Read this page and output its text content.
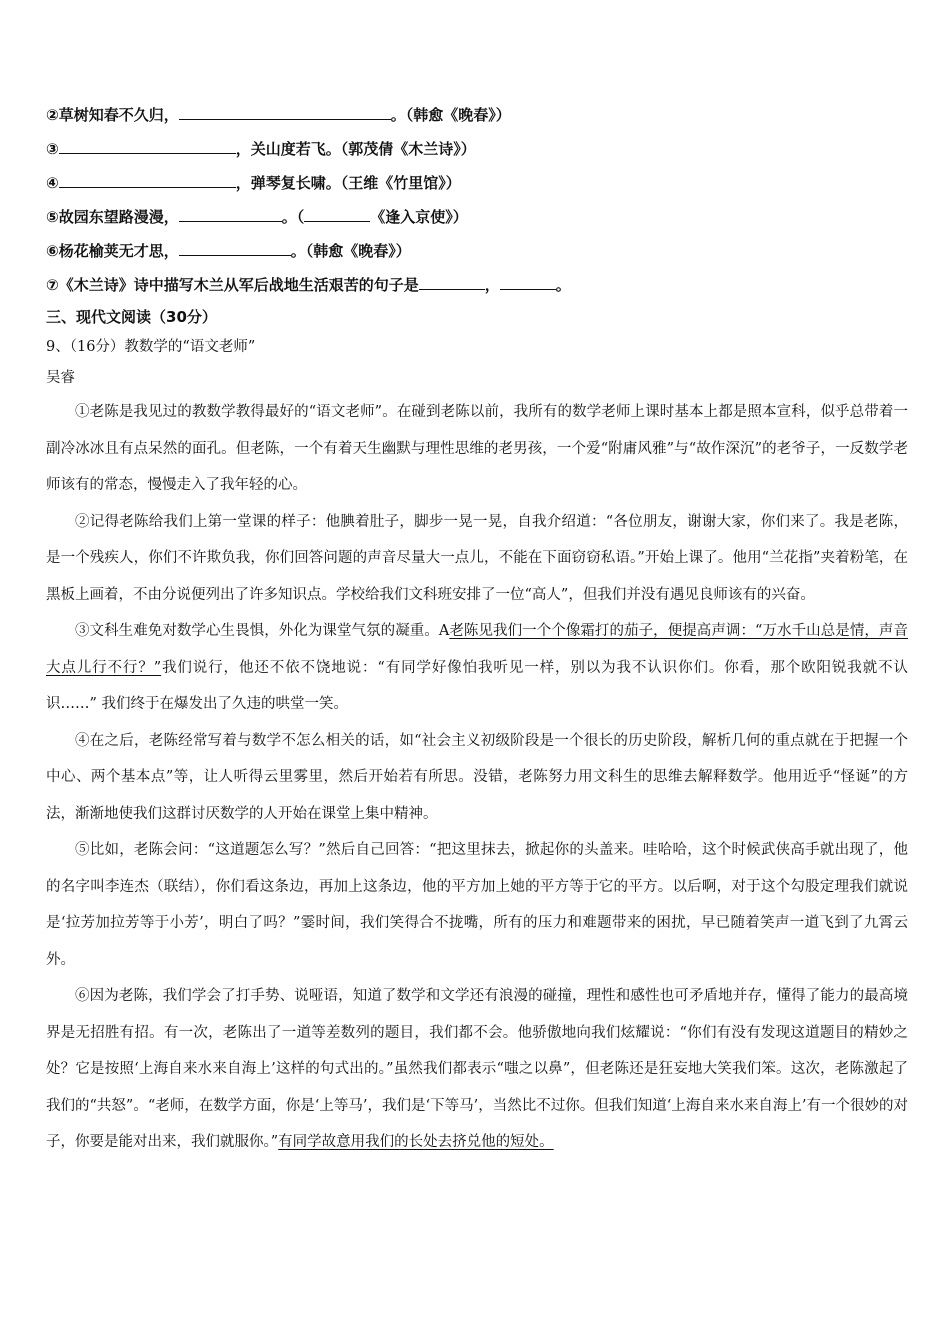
②草树知春不久归，	。（韩愈《晚春》）
③	，关山度若飞。（郭茂倩《木兰诗》）
④	，弹琴复长啸。（王维《竹里馆》）
⑤故园东望路漫漫，	。（	《逢入京使》）
⑥杨花榆荚无才思，	。（韩愈《晚春》）
⑦《木兰诗》诗中描写木兰从军后战地生活艰苦的句子是	，	。
三、现代文阅读（30分）
9、（16分）教数学的“语文老师”
吴睿

①老陈是我见过的教数学教得最好的“语文老师”。在碰到老陈以前，我所有的数学老师上课时基本上都是照本宣科，似乎总带着一副冷冰冰且有点呆然的面孔。但老陈，一个有着天生幽默与理性思维的老男孩，一个爱“附庸风雅”与“故作深沉”的老爷子，一反数学老师该有的常态，慢慢走入了我年轻的心。

②记得老陈给我们上第一堂课的样子：他腆着肚子，脚步一晃一晃，自我介绍道：“各位朋友，谢谢大家，你们来了。我是老陈，是一个残疾人，你们不许欺负我，你们回答问题的声音尽量大一点儿，不能在下面窃窃私语。”开始上课了。他用“兰花指”夹着粉笔，在黑板上画着，不由分说便列出了许多知识点。学校给我们文科班安排了一位“高人”，但我们并没有遇见良师该有的兴奋。

③文科生难免对数学心生畏惧，外化为课堂气氛的凝重。A老陈见我们一个个像霜打的茄子，便提高声调：“万水千山总是情，声音大点儿行不行？”我们说行，他还不依不饶地说：“有同学好像怕我听见一样，别以为我不认识你们。你看，那个欧阳锐我就不认识……” 我们终于在爆发出了久违的哄堂一笑。

④在之后，老陈经常写着与数学不怎么相关的话，如“社会主义初级阶段是一个很长的历史阶段，解析几何的重点就在于把握一个中心、两个基本点”等，让人听得云里雾里，然后开始若有所思。没错，老陈努力用文科生的思维去解释数学。他用近乎“怪诞”的方法，渐渐地使我们这群讨厌数学的人开始在课堂上集中精神。

⑤比如，老陈会问：“这道题怎么写？”然后自己回答：“把这里抹去，掀起你的头盖来。哇哈哈，这个时候武侠高手就出现了，他的名字叫李连杰（联结），你们看这条边，再加上这条边，他的平方加上她的平方等于它的平方。以后啊，对于这个勾股定理我们就说是‘拉芳加拉芳等于小芳’，明白了吗？”霎时间，我们笑得合不拢嘴，所有的压力和难题带来的困扰，早已随着笑声一道飞到了九霄云外。

⑥因为老陈，我们学会了打手势、说哑语，知道了数学和文学还有浪漫的碰撞，理性和感性也可矛盾地并存，懂得了能力的最高境界是无招胜有招。有一次，老陈出了一道等差数列的题目，我们都不会。他骄傲地向我们炫耀说：“你们有没有发现这道题目的精妙之处？它是按照‘上海自来水来自海上’这样的句式出的。”虽然我们都表示“嗤之以鼻”，但老陈还是狂妄地大笑我们笨。这次，老陈激起了我们的“共怒”。“老师，在数学方面，你是‘上等马’，我们是‘下等马’，当然比不过你。但我们知道‘上海自来水来自海上’有一个很妙的对子，你要是能对出来，我们就服你。”有同学故意用我们的长处去挤兑他的短处。
